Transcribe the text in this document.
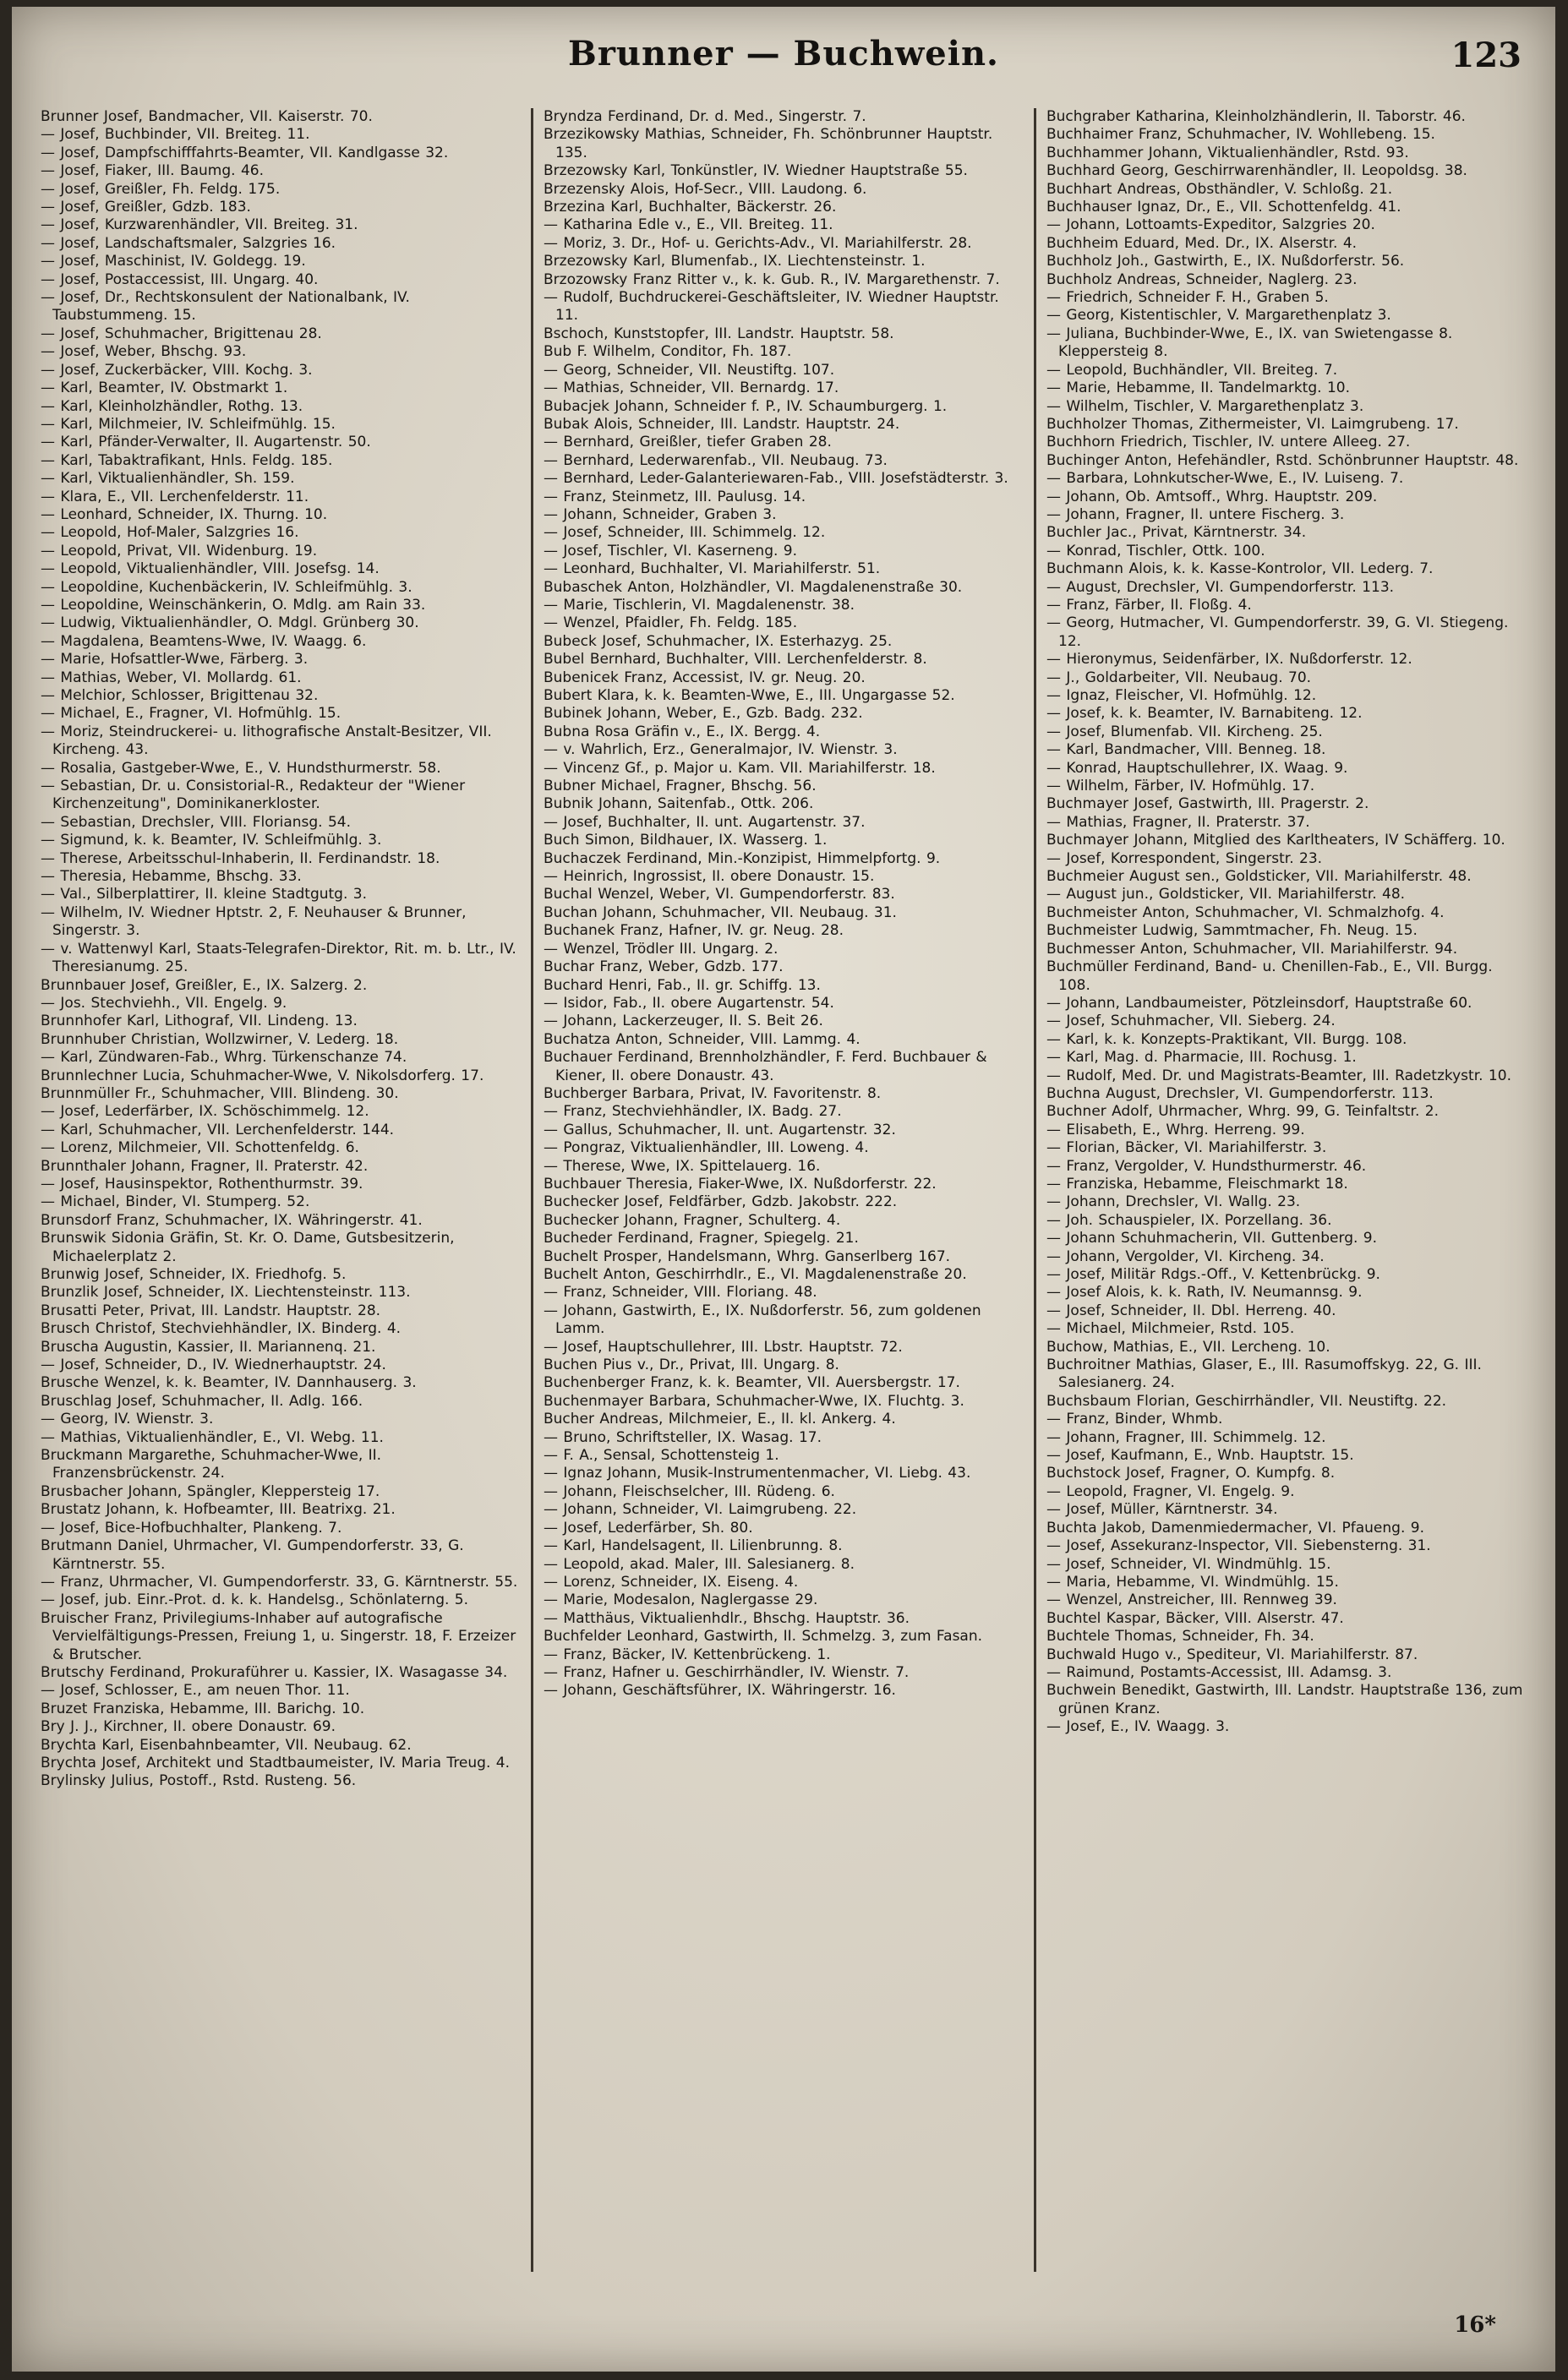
Brunner — Buchwein.	123
Brunner Josef, Bandmacher, VII. Kaiserstr. 70.
— Josef, Buchbinder, VII. Breiteg. 11.
— Josef, Dampfschifffahrts-Beamter, VII. Kandlgasse 32.
— Josef, Fiaker, III. Baumg. 46.
— Josef, Greißler, Fh. Feldg. 175.
— Josef, Greißler, Gdzb. 183.
— Josef, Kurzwarenhändler, VII. Breiteg. 31.
— Josef, Landschaftsmaler, Salzgries 16.
— Josef, Maschinist, IV. Goldegg. 19.
— Josef, Postaccessist, III. Ungarg. 40.
— Josef, Dr., Rechtskonsulent der Nationalbank, IV. Taubstummeng. 15.
— Josef, Schuhmacher, Brigittenau 28.
— Josef, Weber, Bhschg. 93.
— Josef, Zuckerbäcker, VIII. Kochg. 3.
— Karl, Beamter, IV. Obstmarkt 1.
— Karl, Kleinholzhändler, Rothg. 13.
— Karl, Milchmeier, IV. Schleifmühlg. 15.
— Karl, Pfänder-Verwalter, II. Augartenstr. 50.
— Karl, Tabaktrafikant, Hnls. Feldg. 185.
— Karl, Viktualienhändler, Sh. 159.
— Klara, E., VII. Lerchenfelderstr. 11.
— Leonhard, Schneider, IX. Thurng. 10.
— Leopold, Hof-Maler, Salzgries 16.
— Leopold, Privat, VII. Widenburg. 19.
— Leopold, Viktualienhändler, VIII. Josefsg. 14.
— Leopoldine, Kuchenbäckerin, IV. Schleifmühlg. 3.
— Leopoldine, Weinschänkerin, O. Mdlg. am Rain 33.
— Ludwig, Viktualienhändler, O. Mdgl. Grünberg 30.
— Magdalena, Beamtens-Wwe, IV. Waagg. 6.
— Marie, Hofsattler-Wwe, Färberg. 3.
— Mathias, Weber, VI. Mollardg. 61.
— Melchior, Schlosser, Brigittenau 32.
— Michael, E., Fragner, VI. Hofmühlg. 15.
— Moriz, Steindruckerei- u. lithografische Anstalt-Besitzer, VII. Kircheng. 43.
— Rosalia, Gastgeber-Wwe, E., V. Hundsthurmerstr. 58.
— Sebastian, Dr. u. Consistorial-R., Redakteur der "Wiener Kirchenzeitung", Dominikanerkloster.
— Sebastian, Drechsler, VIII. Floriansg. 54.
— Sigmund, k. k. Beamter, IV. Schleifmühlg. 3.
— Therese, Arbeitsschul-Inhaberin, II. Ferdinandstr. 18.
— Theresia, Hebamme, Bhschg. 33.
— Val., Silberplattirer, II. kleine Stadtgutg. 3.
— Wilhelm, IV. Wiedner Hptstr. 2, F. Neuhauser & Brunner, Singerstr. 3.
— v. Wattenwyl Karl, Staats-Telegrafen-Direktor, Rit. m. b. Ltr., IV. Theresianumg. 25.
Brunnbauer Josef, Greißler, E., IX. Salzerg. 2.
— Jos. Stechviehh., VII. Engelg. 9.
Brunnhofer Karl, Lithograf, VII. Lindeng. 13.
Brunnhuber Christian, Wollzwirner, V. Lederg. 18.
— Karl, Zündwaren-Fab., Whrg. Türkenschanze 74.
Brunnlechner Lucia, Schuhmacher-Wwe, V. Nikolsdorferg. 17.
Brunnmüller Fr., Schuhmacher, VIII. Blindeng. 30.
— Josef, Lederfärber, IX. Schöschimmelg. 12.
— Karl, Schuhmacher, VII. Lerchenfelderstr. 144.
— Lorenz, Milchmeier, VII. Schottenfeldg. 6.
Brunnthaler Johann, Fragner, II. Praterstr. 42.
— Josef, Hausinspektor, Rothenthurmstr. 39.
— Michael, Binder, VI. Stumperg. 52.
Brunsdorf Franz, Schuhmacher, IX. Währingerstr. 41.
Brunswik Sidonia Gräfin, St. Kr. O. Dame, Gutsbesitzerin, Michaelerplatz 2.
Brunwig Josef, Schneider, IX. Friedhofg. 5.
Brunzlik Josef, Schneider, IX. Liechtensteinstr. 113.
Brusatti Peter, Privat, III. Landstr. Hauptstr. 28.
Brusch Christof, Stechviehhändler, IX. Binderg. 4.
Bruscha Augustin, Kassier, II. Mariannenq. 21.
— Josef, Schneider, D., IV. Wiednerhauptstr. 24.
Brusche Wenzel, k. k. Beamter, IV. Dannhauserg. 3.
Bruschlag Josef, Schuhmacher, II. Adlg. 166.
— Georg, IV. Wienstr. 3.
— Mathias, Viktualienhändler, E., VI. Webg. 11.
Bruckmann Margarethe, Schuhmacher-Wwe, II. Franzensbrückenstr. 24.
Brusbacher Johann, Spängler, Kleppersteig 17.
Brustatz Johann, k. Hofbeamter, III. Beatrixg. 21.
— Josef, Bice-Hofbuchhalter, Plankeng. 7.
Brutmann Daniel, Uhrmacher, VI. Gumpendorferstr. 33, G. Kärntnerstr. 55.
— Franz, Uhrmacher, VI. Gumpendorferstr. 33, G. Kärntnerstr. 55.
— Josef, jub. Einr.-Prot. d. k. k. Handelsg., Schönlaterng. 5.
Bruischer Franz, Privilegiums-Inhaber auf autografische Vervielfältigungs-Pressen, Freiung 1, u. Singerstr. 18, F. Erzeizer & Brutscher.
Brutschy Ferdinand, Prokuraführer u. Kassier, IX. Wasagasse 34.
— Josef, Schlosser, E., am neuen Thor. 11.
Bruzet Franziska, Hebamme, III. Barichg. 10.
Bry J. J., Kirchner, II. obere Donaustr. 69.
Brychta Karl, Eisenbahnbeamter, VII. Neubaug. 62.
Brychta Josef, Architekt und Stadtbaumeister, IV. Maria Treug. 4.
Brylinsky Julius, Postoff., Rstd. Rusteng. 56.
Bryndza Ferdinand, Dr. d. Med., Singerstr. 7.
Brzezikowsky Mathias, Schneider, Fh. Schönbrunner Hauptstr. 135.
Brzezowsky Karl, Tonkünstler, IV. Wiedner Hauptstraße 55.
Brzezensky Alois, Hof-Secr., VIII. Laudong. 6.
Brzezina Karl, Buchhalter, Bäckerstr. 26.
— Katharina Edle v., E., VII. Breiteg. 11.
— Moriz, 3. Dr., Hof- u. Gerichts-Adv., VI. Mariahilferstr. 28.
Brzezowsky Karl, Blumenfab., IX. Liechtensteinstr. 1.
Brzozowsky Franz Ritter v., k. k. Gub. R., IV. Margarethenstr. 7.
— Rudolf, Buchdruckerei-Geschäftsleiter, IV. Wiedner Hauptstr. 11.
Bschoch, Kunststopfer, III. Landstr. Hauptstr. 58.
Bub F. Wilhelm, Conditor, Fh. 187.
— Georg, Schneider, VII. Neustiftg. 107.
— Mathias, Schneider, VII. Bernardg. 17.
Bubacjek Johann, Schneider f. P., IV. Schaumburgerg. 1.
Bubak Alois, Schneider, III. Landstr. Hauptstr. 24.
— Bernhard, Greißler, tiefer Graben 28.
— Bernhard, Lederwarenfab., VII. Neubaug. 73.
— Bernhard, Leder-Galanteriewaren-Fab., VIII. Josefstädterstr. 3.
— Franz, Steinmetz, III. Paulusg. 14.
— Johann, Schneider, Graben 3.
— Josef, Schneider, III. Schimmelg. 12.
— Josef, Tischler, VI. Kaserneng. 9.
— Leonhard, Buchhalter, VI. Mariahilferstr. 51.
Bubaschek Anton, Holzhändler, VI. Magdalenenstraße 30.
— Marie, Tischlerin, VI. Magdalenenstr. 38.
— Wenzel, Pfaidler, Fh. Feldg. 185.
Bubeck Josef, Schuhmacher, IX. Esterhazyg. 25.
Bubel Bernhard, Buchhalter, VIII. Lerchenfelderstr. 8.
Bubenicek Franz, Accessist, IV. gr. Neug. 20.
Bubert Klara, k. k. Beamten-Wwe, E., III. Ungargasse 52.
Bubinek Johann, Weber, E., Gzb. Badg. 232.
Bubna Rosa Gräfin v., E., IX. Bergg. 4.
— v. Wahrlich, Erz., Generalmajor, IV. Wienstr. 3.
— Vincenz Gf., p. Major u. Kam. VII. Mariahilferstr. 18.
Bubner Michael, Fragner, Bhschg. 56.
Bubnik Johann, Saitenfab., Ottk. 206.
— Josef, Buchhalter, II. unt. Augartenstr. 37.
Buch Simon, Bildhauer, IX. Wasserg. 1.
Buchaczek Ferdinand, Min.-Konzipist, Himmelpfortg. 9.
— Heinrich, Ingrossist, II. obere Donaustr. 15.
Buchal Wenzel, Weber, VI. Gumpendorferstr. 83.
Buchan Johann, Schuhmacher, VII. Neubaug. 31.
Buchanek Franz, Hafner, IV. gr. Neug. 28.
— Wenzel, Trödler III. Ungarg. 2.
Buchar Franz, Weber, Gdzb. 177.
Buchard Henri, Fab., II. gr. Schiffg. 13.
— Isidor, Fab., II. obere Augartenstr. 54.
— Johann, Lackerzeuger, II. S. Beit 26.
Buchatza Anton, Schneider, VIII. Lammg. 4.
Buchauer Ferdinand, Brennholzhändler, F. Ferd. Buchbauer & Kiener, II. obere Donaustr. 43.
Buchberger Barbara, Privat, IV. Favoritenstr. 8.
— Franz, Stechviehhändler, IX. Badg. 27.
— Gallus, Schuhmacher, II. unt. Augartenstr. 32.
— Pongraz, Viktualienhändler, III. Loweng. 4.
— Therese, Wwe, IX. Spittelauerg. 16.
Buchbauer Theresia, Fiaker-Wwe, IX. Nußdorferstr. 22.
Buchecker Josef, Feldfärber, Gdzb. Jakobstr. 222.
Buchecker Johann, Fragner, Schulterg. 4.
Bucheder Ferdinand, Fragner, Spiegelg. 21.
Buchelt Prosper, Handelsmann, Whrg. Ganserlberg 167.
Buchelt Anton, Geschirrhdlr., E., VI. Magdalenenstraße 20.
— Franz, Schneider, VIII. Floriang. 48.
— Johann, Gastwirth, E., IX. Nußdorferstr. 56, zum goldenen Lamm.
— Josef, Hauptschullehrer, III. Lbstr. Hauptstr. 72.
Buchen Pius v., Dr., Privat, III. Ungarg. 8.
Buchenberger Franz, k. k. Beamter, VII. Auersbergstr. 17.
Buchenmayer Barbara, Schuhmacher-Wwe, IX. Fluchtg. 3.
Bucher Andreas, Milchmeier, E., II. kl. Ankerg. 4.
— Bruno, Schriftsteller, IX. Wasag. 17.
— F. A., Sensal, Schottensteig 1.
— Ignaz Johann, Musik-Instrumentenmacher, VI. Liebg. 43.
— Johann, Fleischselcher, III. Rüdeng. 6.
— Johann, Schneider, VI. Laimgrubeng. 22.
— Josef, Lederfärber, Sh. 80.
— Karl, Handelsagent, II. Lilienbrunng. 8.
— Leopold, akad. Maler, III. Salesianerg. 8.
— Lorenz, Schneider, IX. Eiseng. 4.
— Marie, Modesalon, Naglergasse 29.
— Matthäus, Viktualienhdlr., Bhschg. Hauptstr. 36.
Buchfelder Leonhard, Gastwirth, II. Schmelzg. 3, zum Fasan.
— Franz, Bäcker, IV. Kettenbrückeng. 1.
— Franz, Hafner u. Geschirrhändler, IV. Wienstr. 7.
— Johann, Geschäftsführer, IX. Währingerstr. 16.
Buchgraber Katharina, Kleinholzhändlerin, II. Taborstr. 46.
Buchhaimer Franz, Schuhmacher, IV. Wohllebeng. 15.
Buchhammer Johann, Viktualienhändler, Rstd. 93.
Buchhard Georg, Geschirrwarenhändler, II. Leopoldsg. 38.
Buchhart Andreas, Obsthändler, V. Schloßg. 21.
Buchhauser Ignaz, Dr., E., VII. Schottenfeldg. 41.
— Johann, Lottoamts-Expeditor, Salzgries 20.
Buchheim Eduard, Med. Dr., IX. Alserstr. 4.
Buchholz Joh., Gastwirth, E., IX. Nußdorferstr. 56.
Buchholz Andreas, Schneider, Naglerg. 23.
— Friedrich, Schneider F. H., Graben 5.
— Georg, Kistentischler, V. Margarethenplatz 3.
— Juliana, Buchbinder-Wwe, E., IX. van Swietengasse 8. Kleppersteig 8.
— Leopold, Buchhändler, VII. Breiteg. 7.
— Marie, Hebamme, II. Tandelmarktg. 10.
— Wilhelm, Tischler, V. Margarethenplatz 3.
Buchholzer Thomas, Zithermeister, VI. Laimgrubeng. 17.
Buchhorn Friedrich, Tischler, IV. untere Alleeg. 27.
Buchinger Anton, Hefehändler, Rstd. Schönbrunner Hauptstr. 48.
— Barbara, Lohnkutscher-Wwe, E., IV. Luiseng. 7.
— Johann, Ob. Amtsoff., Whrg. Hauptstr. 209.
— Johann, Fragner, II. untere Fischerg. 3.
Buchler Jac., Privat, Kärntnerstr. 34.
— Konrad, Tischler, Ottk. 100.
Buchmann Alois, k. k. Kasse-Kontrolor, VII. Lederg. 7.
— August, Drechsler, VI. Gumpendorferstr. 113.
— Franz, Färber, II. Floßg. 4.
— Georg, Hutmacher, VI. Gumpendorferstr. 39, G. VI. Stiegeng. 12.
— Hieronymus, Seidenfärber, IX. Nußdorferstr. 12.
— J., Goldarbeiter, VII. Neubaug. 70.
— Ignaz, Fleischer, VI. Hofmühlg. 12.
— Josef, k. k. Beamter, IV. Barnabiteng. 12.
— Josef, Blumenfab. VII. Kircheng. 25.
— Karl, Bandmacher, VIII. Benneg. 18.
— Konrad, Hauptschullehrer, IX. Waag. 9.
— Wilhelm, Färber, IV. Hofmühlg. 17.
Buchmayer Josef, Gastwirth, III. Pragerstr. 2.
— Mathias, Fragner, II. Praterstr. 37.
Buchmayer Johann, Mitglied des Karltheaters, IV Schäfferg. 10.
— Josef, Korrespondent, Singerstr. 23.
Buchmeier August sen., Goldsticker, VII. Mariahilferstr. 48.
— August jun., Goldsticker, VII. Mariahilferstr. 48.
Buchmeister Anton, Schuhmacher, VI. Schmalzhofg. 4.
Buchmeister Ludwig, Sammtmacher, Fh. Neug. 15.
Buchmesser Anton, Schuhmacher, VII. Mariahilferstr. 94.
Buchmüller Ferdinand, Band- u. Chenillen-Fab., E., VII. Burgg. 108.
— Johann, Landbaumeister, Pötzleinsdorf, Hauptstraße 60.
— Josef, Schuhmacher, VII. Sieberg. 24.
— Karl, k. k. Konzepts-Praktikant, VII. Burgg. 108.
— Karl, Mag. d. Pharmacie, III. Rochusg. 1.
— Rudolf, Med. Dr. und Magistrats-Beamter, III. Radetzkystr. 10.
Buchna August, Drechsler, VI. Gumpendorferstr. 113.
Buchner Adolf, Uhrmacher, Whrg. 99, G. Teinfaltstr. 2.
— Elisabeth, E., Whrg. Herreng. 99.
— Florian, Bäcker, VI. Mariahilferstr. 3.
— Franz, Vergolder, V. Hundsthurmerstr. 46.
— Franziska, Hebamme, Fleischmarkt 18.
— Johann, Drechsler, VI. Wallg. 23.
— Joh. Schauspieler, IX. Porzellang. 36.
— Johann Schuhmacherin, VII. Guttenberg. 9.
— Johann, Vergolder, VI. Kircheng. 34.
— Josef, Militär Rdgs.-Off., V. Kettenbrückg. 9.
— Josef Alois, k. k. Rath, IV. Neumannsg. 9.
— Josef, Schneider, II. Dbl. Herreng. 40.
— Michael, Milchmeier, Rstd. 105.
Buchow, Mathias, E., VII. Lercheng. 10.
Buchroitner Mathias, Glaser, E., III. Rasumoffskyg. 22, G. III. Salesianerg. 24.
Buchsbaum Florian, Geschirrhändler, VII. Neustiftg. 22.
— Franz, Binder, Whmb.
— Johann, Fragner, III. Schimmelg. 12.
— Josef, Kaufmann, E., Wnb. Hauptstr. 15.
Buchstock Josef, Fragner, O. Kumpfg. 8.
— Leopold, Fragner, VI. Engelg. 9.
— Josef, Müller, Kärntnerstr. 34.
Buchta Jakob, Damenmiedermacher, VI. Pfaueng. 9.
— Josef, Assekuranz-Inspector, VII. Siebensterng. 31.
— Josef, Schneider, VI. Windmühlg. 15.
— Maria, Hebamme, VI. Windmühlg. 15.
— Wenzel, Anstreicher, III. Rennweg 39.
Buchtel Kaspar, Bäcker, VIII. Alserstr. 47.
Buchtele Thomas, Schneider, Fh. 34.
Buchwald Hugo v., Spediteur, VI. Mariahilferstr. 87.
— Raimund, Postamts-Accessist, III. Adamsg. 3.
Buchwein Benedikt, Gastwirth, III. Landstr. Hauptstraße 136, zum grünen Kranz.
— Josef, E., IV. Waagg. 3.
16*
